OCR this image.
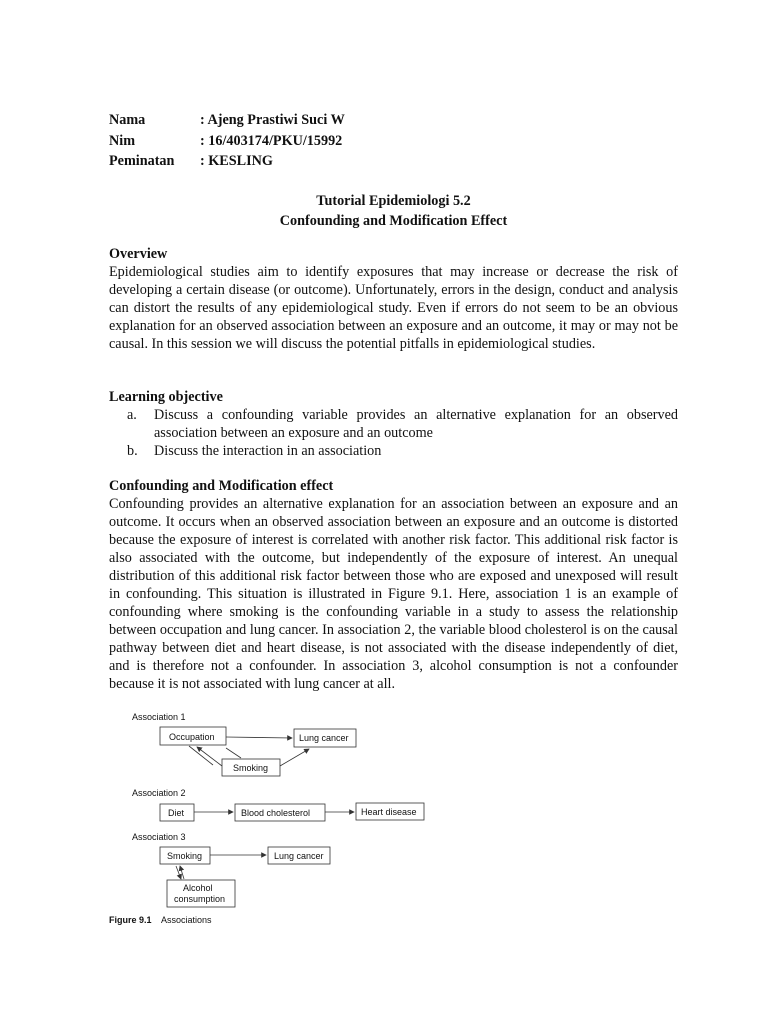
Nama	: Ajeng Prastiwi Suci W
Nim	: 16/403174/PKU/15992
Peminatan : KESLING
Tutorial Epidemiologi 5.2
Confounding and Modification Effect
Overview

Epidemiological studies aim to identify exposures that may increase or decrease the risk of developing a certain disease (or outcome). Unfortunately, errors in the design, conduct and analysis can distort the results of any epidemiological study. Even if errors do not seem to be an obvious explanation for an observed association between an exposure and an outcome, it may or may not be causal. In this session we will discuss the potential pitfalls in epidemiological studies.

Learning objective
a. Discuss a confounding variable provides an alternative explanation for an observed association between an exposure and an outcome
b. Discuss the interaction in an association
Confounding and Modification effect

Confounding provides an alternative explanation for an association between an exposure and an outcome. It occurs when an observed association between an exposure and an outcome is distorted because the exposure of interest is correlated with another risk factor. This additional risk factor is also associated with the outcome, but independently of the exposure of interest. An unequal distribution of this additional risk factor between those who are exposed and unexposed will result in confounding. This situation is illustrated in Figure 9.1. Here, association 1 is an example of confounding where smoking is the confounding variable in a study to assess the relationship between occupation and lung cancer. In association 2, the variable blood cholesterol is on the causal pathway between diet and heart disease, is not associated with the disease independently of diet, and is therefore not a confounder. In association 3, alcohol consumption is not a confounder because it is not associated with lung cancer at all.

Association 1
Occupation	Lung cancer
Smoking
Association 2
Diet	Blood cholesterol	Heart disease
Association 3
Smoking	Lung cancer
Alcohol
consumption
Figure 9.1 Associations
